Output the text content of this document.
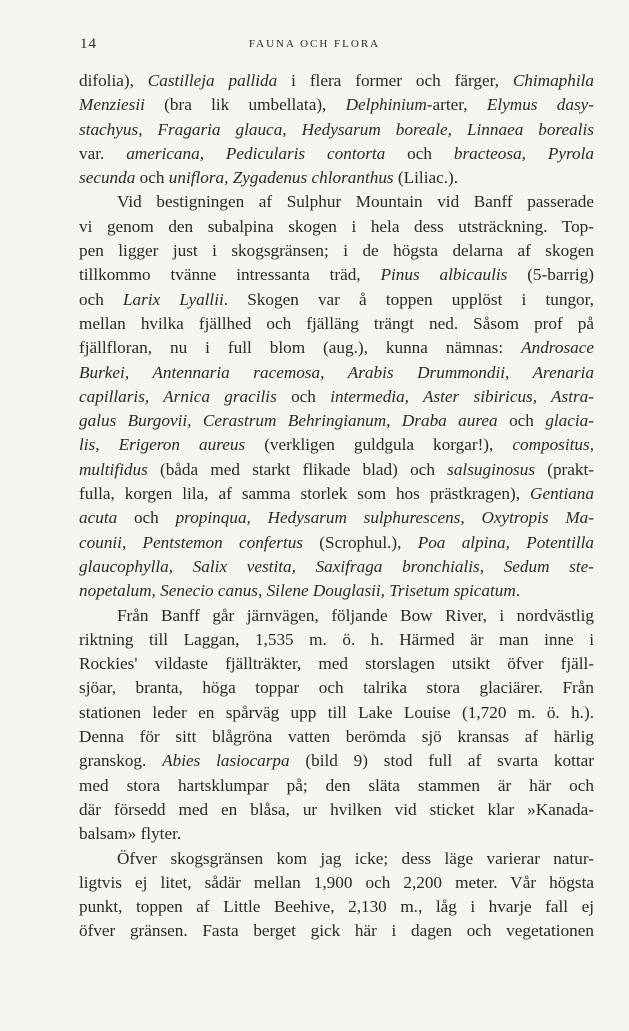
14	FAUNA OCH FLORA
difolia), Castilleja pallida i flera former och färger, Chimaphila
Menziesii (bra lik umbellata), Delphinium-arter, Elymus dasy-
stachyus, Fragaria glauca, Hedysarum boreale, Linnaea borealis
var. americana, Pedicularis contorta och bracteosa, Pyrola
secunda och uniflora, Zygadenus chloranthus (Liliac.).
Vid bestigningen af Sulphur Mountain vid Banff passerade
vi genom den subalpina skogen i hela dess utsträckning. Top-
pen ligger just i skogsgränsen; i de högsta delarna af skogen
tillkommo tvänne intressanta träd, Pinus albicaulis (5-barrig)
och Larix Lyallii. Skogen var å toppen upplöst i tungor,
mellan hvilka fjällhed och fjälläng trängt ned. Såsom prof på
fjällfloran, nu i full blom (aug.), kunna nämnas: Androsace
Burkei, Antennaria racemosa, Arabis Drummondii, Arenaria
capillaris, Arnica gracilis och intermedia, Aster sibiricus, Astra-
galus Burgovii, Cerastrum Behringianum, Draba aurea och glacia-
lis, Erigeron aureus (verkligen guldgula korgar!), compositus,
multifidus (båda med starkt flikade blad) och salsuginosus (prakt-
fulla, korgen lila, af samma storlek som hos prästkragen), Gentiana
acuta och propinqua, Hedysarum sulphurescens, Oxytropis Ma-
counii, Pentstemon confertus (Scrophul.), Poa alpina, Potentilla
glaucophylla, Salix vestita, Saxifraga bronchialis, Sedum ste-
nopetalum, Senecio canus, Silene Douglasii, Trisetum spicatum.
Från Banff går järnvägen, följande Bow River, i nordvästlig
riktning till Laggan, 1,535 m. ö. h. Härmed är man inne i
Rockies' vildaste fjällträkter, med storslagen utsikt öfver fjäll-
sjöar, branta, höga toppar och talrika stora glaciärer. Från
stationen leder en spårväg upp till Lake Louise (1,720 m. ö. h.).
Denna för sitt blågröna vatten berömda sjö kransas af härlig
granskog. Abies lasiocarpa (bild 9) stod full af svarta kottar
med stora hartsklumpar på; den släta stammen är här och
där försedd med en blåsa, ur hvilken vid sticket klar »Kanada-
balsam» flyter.
Öfver skogsgränsen kom jag icke; dess läge varierar natur-
ligtvis ej litet, sådär mellan 1,900 och 2,200 meter. Vår högsta
punkt, toppen af Little Beehive, 2,130 m., låg i hvarje fall ej
öfver gränsen. Fasta berget gick här i dagen och vegetationen
